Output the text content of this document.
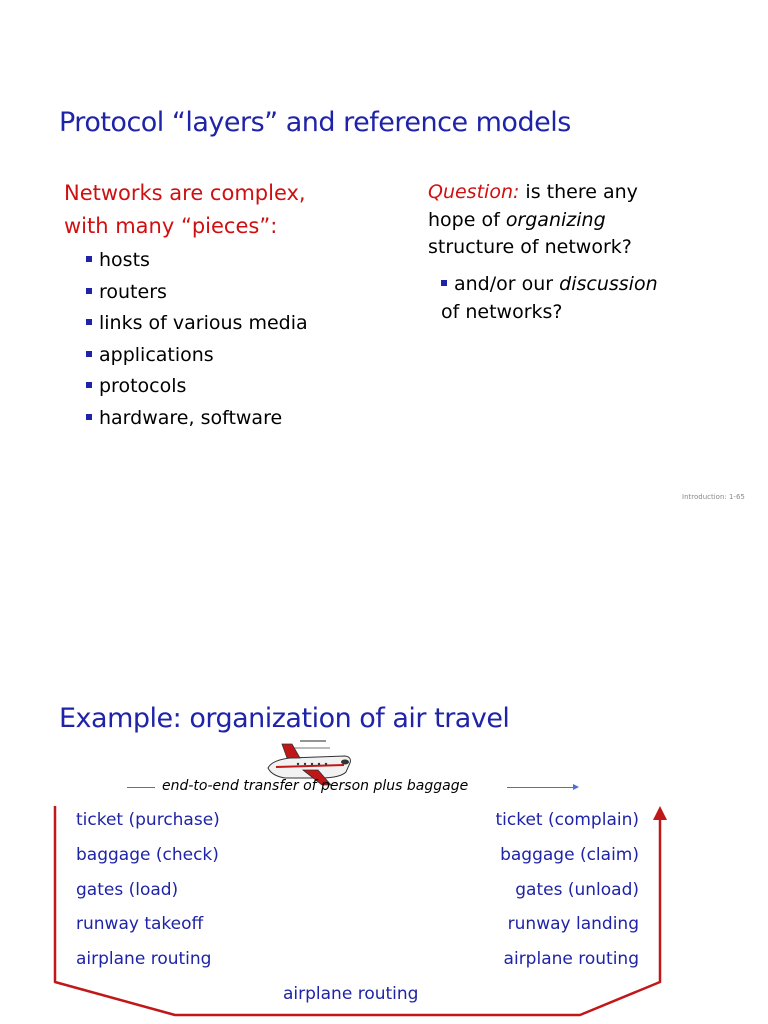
Protocol “layers” and reference models
Networks are complex,
with many “pieces”:
hosts
routers
links of various media
applications
protocols
hardware, software
Question: is there any
hope of organizing
structure of network?
and/or our discussion
of networks?
Introduction: 1-65
Example: organization of air travel
end-to-end transfer of person plus baggage
ticket (purchase)
baggage (check)
gates (load)
runway takeoff
airplane routing
ticket (complain)
baggage (claim)
gates (unload)
runway landing
airplane routing
airplane routing
